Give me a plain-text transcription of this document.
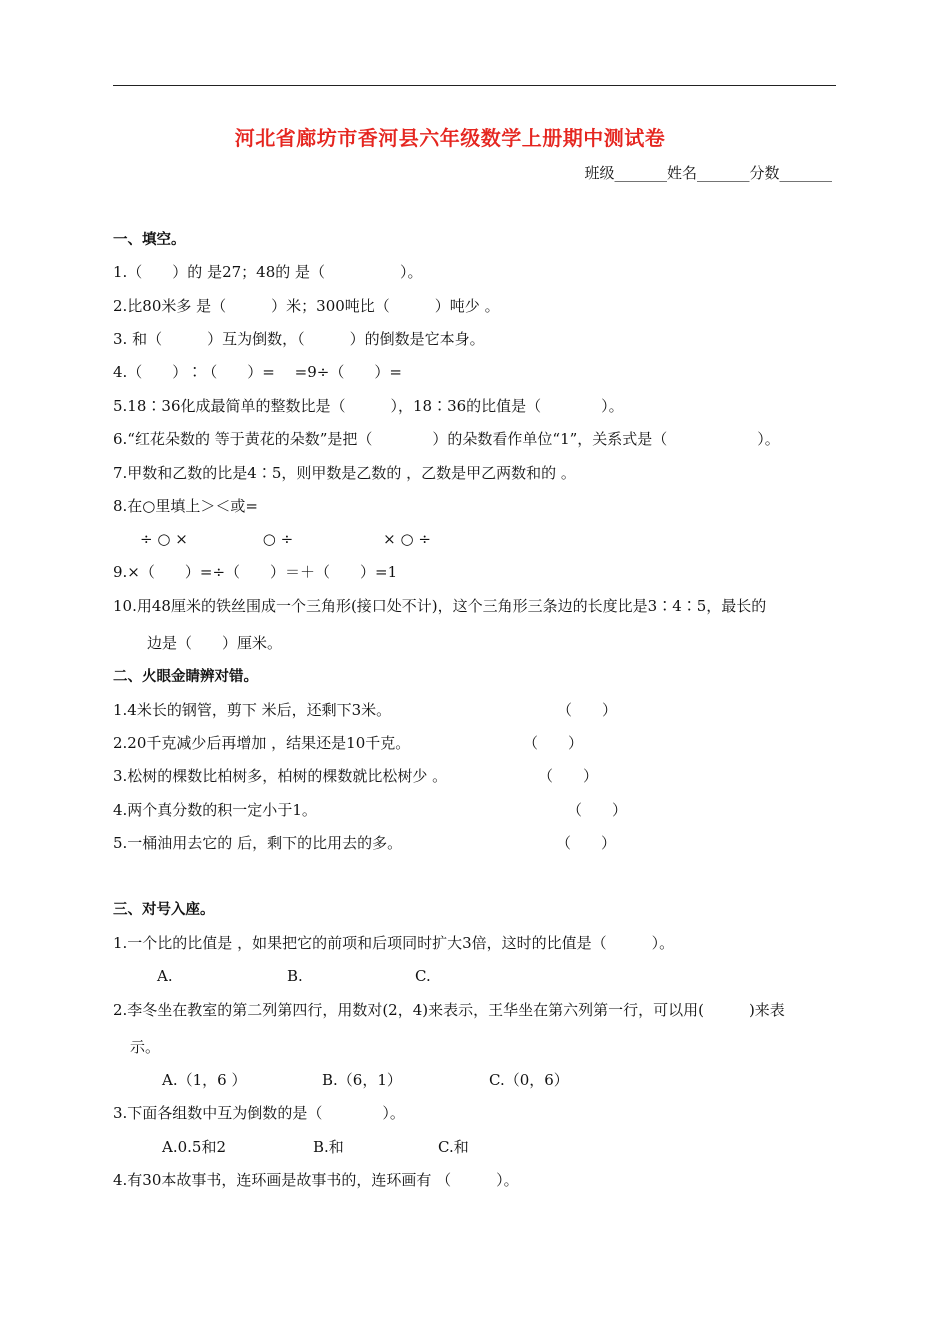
河北省廊坊市香河县六年级数学上册期中测试卷
班级_______姓名_______分数_______
一、填空。
1.（　　）的 是27；48的 是（　　　　　）。
2.比80米多 是（　　　）米；300吨比（　　　）吨少 。
3. 和（　　　）互为倒数，（　　　）的倒数是它本身。
4.（　　）∶（　　）=　 =9÷（　　）=
5.18∶36化成最简单的整数比是（　　　），18∶36的比值是（　　　　）。
6.“红花朵数的 等于黄花的朵数”是把（　　　　）的朵数看作单位“1”，关系式是（　　　　　　）。
7.甲数和乙数的比是4∶5，则甲数是乙数的 ，乙数是甲乙两数和的 。
8.在○里填上＞＜或=
÷ ○ ×　　　　　○ ÷　　　　　　× ○ ÷
9.×（　　）=÷（　　）＝＋（　　）=1
10.用48厘米的铁丝围成一个三角形(接口处不计)，这个三角形三条边的长度比是3∶4∶5，最长的
边是（　　）厘米。
二、火眼金睛辨对错。
1.4米长的钢管，剪下 米后，还剩下3米。	（　　）
2.20千克减少后再增加 ，结果还是10千克。	（　　）
3.松树的棵数比柏树多，柏树的棵数就比松树少 。	（　　）
4.两个真分数的积一定小于1。	（　　）
5.一桶油用去它的 后，剩下的比用去的多。	（　　）
三、对号入座。
1.一个比的比值是 ，如果把它的前项和后项同时扩大3倍，这时的比值是（　　　）。
A.	B.	C.
2.李冬坐在教室的第二列第四行，用数对(2，4)来表示，王华坐在第六列第一行，可以用(　　　)来表
示。
A.（1，6 ）	B.（6，1）	C.（0，6）
3.下面各组数中互为倒数的是（　　　　）。
A.0.5和2	B.和	C.和
4.有30本故事书，连环画是故事书的，连环画有 （　　　）。
